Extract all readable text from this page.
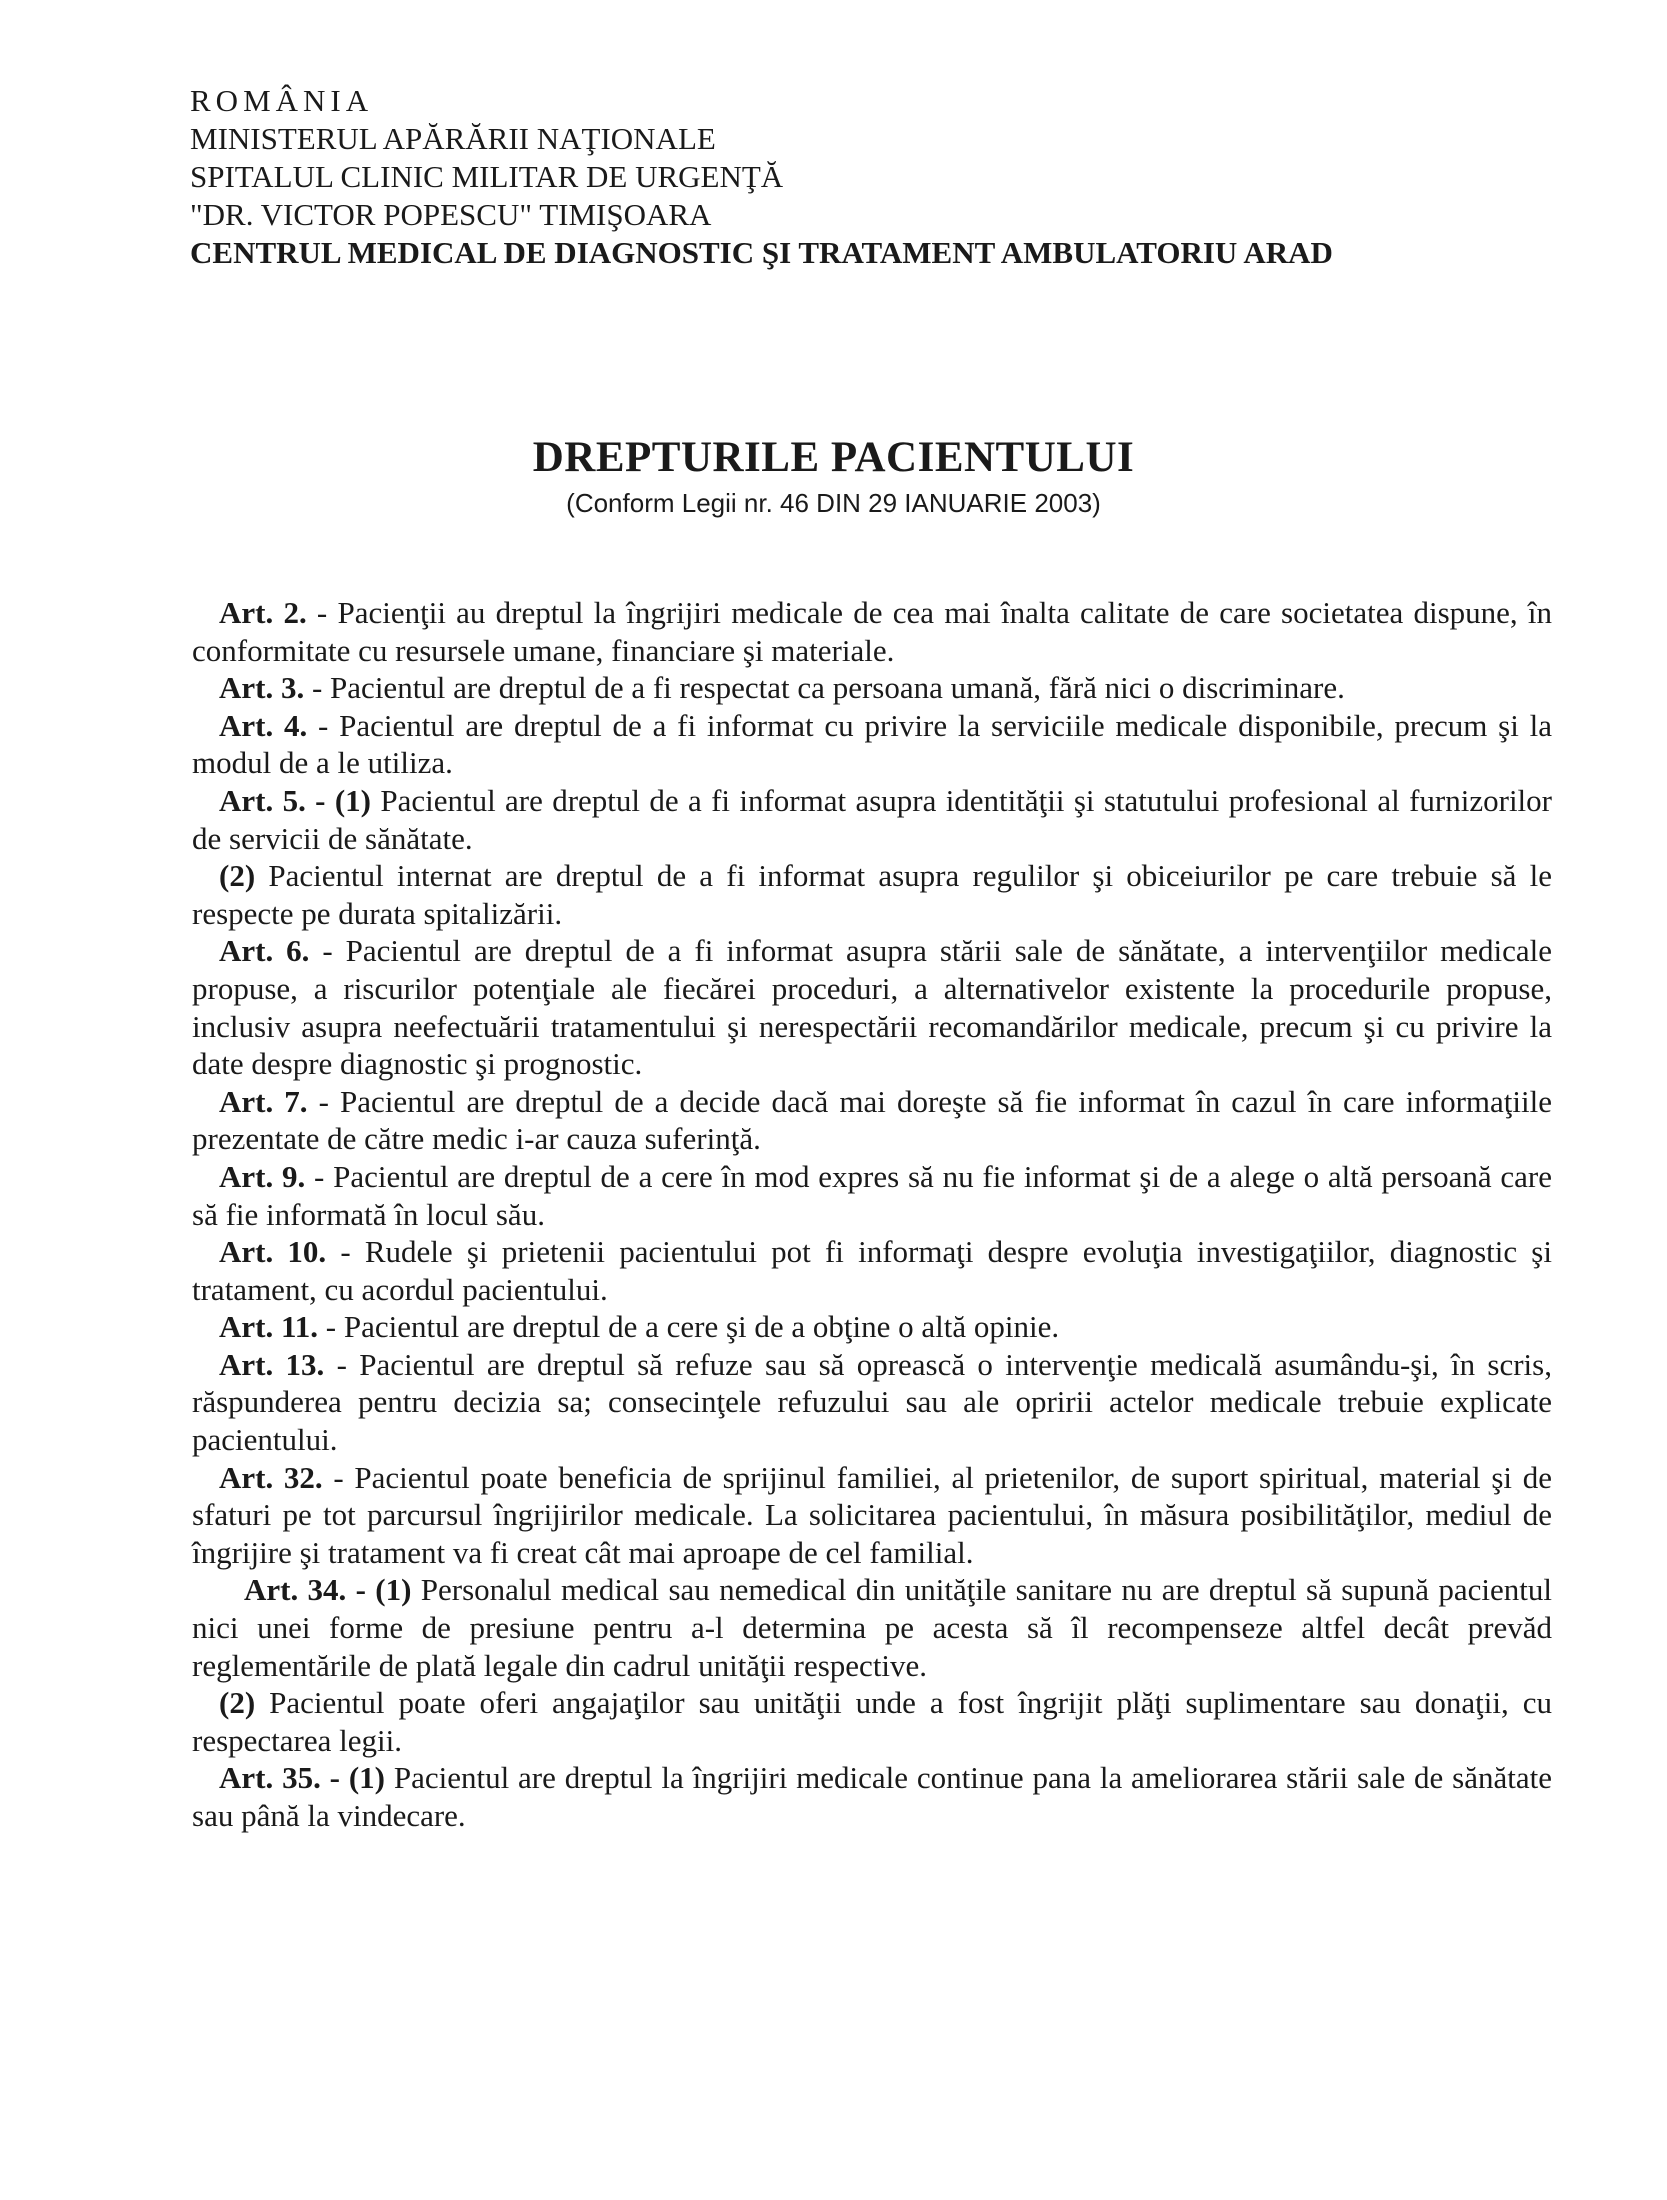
ROMÂNIA
MINISTERUL APĂRĂRII NAŢIONALE
SPITALUL CLINIC MILITAR DE URGENŢĂ
"DR. VICTOR POPESCU" TIMIŞOARA
CENTRUL MEDICAL DE DIAGNOSTIC ŞI TRATAMENT AMBULATORIU ARAD
DREPTURILE PACIENTULUI
(Conform Legii nr. 46 DIN 29 IANUARIE 2003)

Art. 2. - Pacienţii au dreptul la îngrijiri medicale de cea mai înalta calitate de care societatea dispune, în conformitate cu resursele umane, financiare şi materiale.

Art. 3. - Pacientul are dreptul de a fi respectat ca persoana umană, fără nici o discriminare.

Art. 4. - Pacientul are dreptul de a fi informat cu privire la serviciile medicale disponibile, precum şi la modul de a le utiliza.

Art. 5. - (1) Pacientul are dreptul de a fi informat asupra identităţii şi statutului profesional al furnizorilor de servicii de sănătate.

(2) Pacientul internat are dreptul de a fi informat asupra regulilor şi obiceiurilor pe care trebuie să le respecte pe durata spitalizării.

Art. 6. - Pacientul are dreptul de a fi informat asupra stării sale de sănătate, a intervenţiilor medicale propuse, a riscurilor potenţiale ale fiecărei proceduri, a alternativelor existente la procedurile propuse, inclusiv asupra neefectuării tratamentului şi nerespectării recomandărilor medicale, precum şi cu privire la date despre diagnostic şi prognostic.

Art. 7. - Pacientul are dreptul de a decide dacă mai doreşte să fie informat în cazul în care informaţiile prezentate de către medic i-ar cauza suferinţă.

Art. 9. - Pacientul are dreptul de a cere în mod expres să nu fie informat şi de a alege o altă persoană care să fie informată în locul său.

Art. 10. - Rudele şi prietenii pacientului pot fi informaţi despre evoluţia investigaţiilor, diagnostic şi tratament, cu acordul pacientului.

Art. 11. - Pacientul are dreptul de a cere şi de a obţine o altă opinie.

Art. 13. - Pacientul are dreptul să refuze sau să oprească o intervenţie medicală asumându-şi, în scris, răspunderea pentru decizia sa; consecinţele refuzului sau ale opririi actelor medicale trebuie explicate pacientului.

Art. 32. - Pacientul poate beneficia de sprijinul familiei, al prietenilor, de suport spiritual, material şi de sfaturi pe tot parcursul îngrijirilor medicale. La solicitarea pacientului, în măsura posibilităţilor, mediul de îngrijire şi tratament va fi creat cât mai aproape de cel familial.

Art. 34. - (1) Personalul medical sau nemedical din unităţile sanitare nu are dreptul să supună pacientul nici unei forme de presiune pentru a-l determina pe acesta să îl recompenseze altfel decât prevăd reglementările de plată legale din cadrul unităţii respective.

(2) Pacientul poate oferi angajaţilor sau unităţii unde a fost îngrijit plăţi suplimentare sau donaţii, cu respectarea legii.

Art. 35. - (1) Pacientul are dreptul la îngrijiri medicale continue pana la ameliorarea stării sale de sănătate sau până la vindecare.
